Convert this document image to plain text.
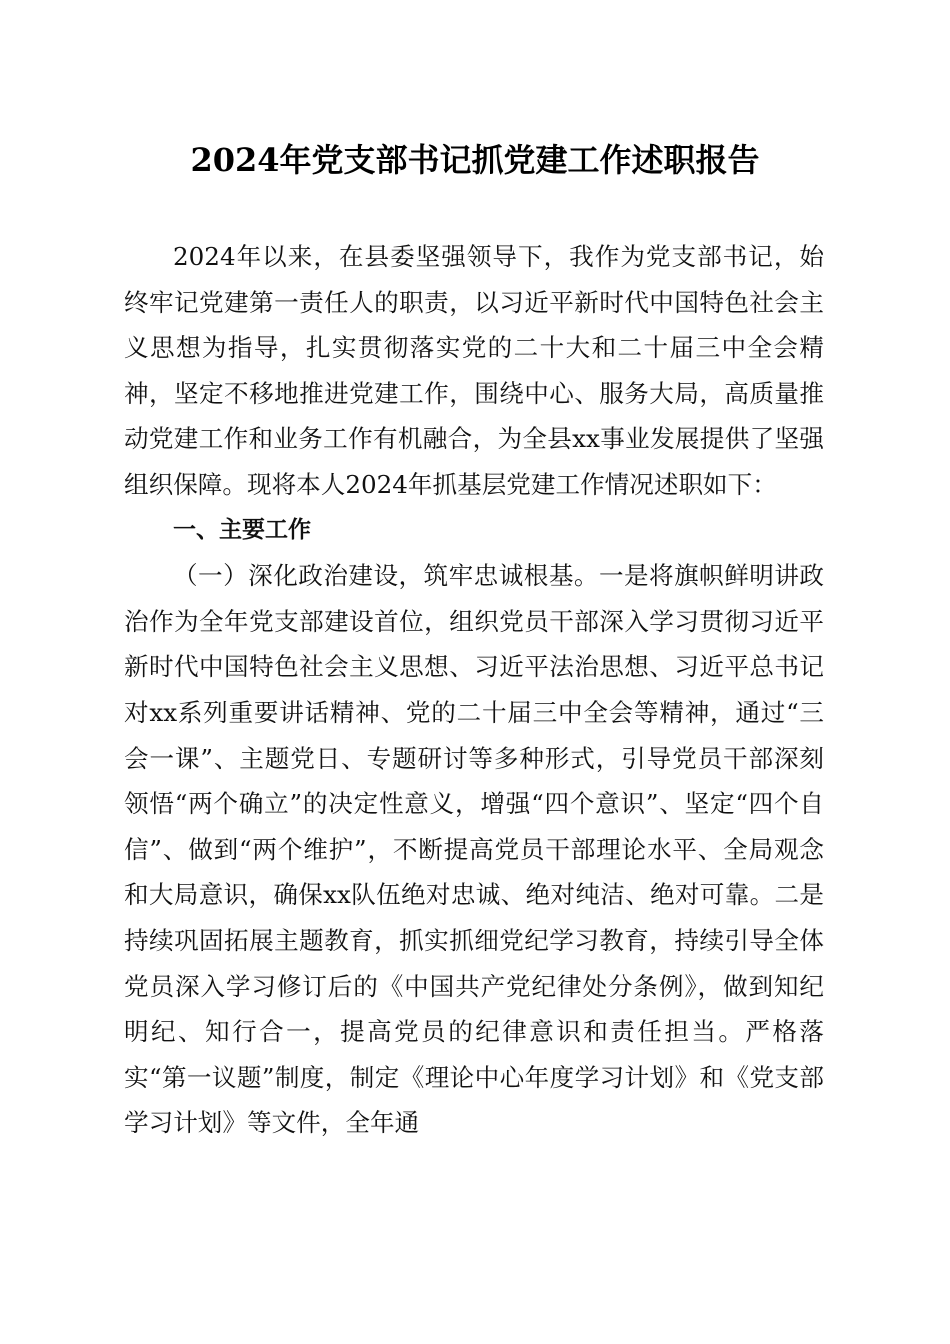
2024年党支部书记抓党建工作述职报告

2024年以来，在县委坚强领导下，我作为党支部书记，始终牢记党建第一责任人的职责，以习近平新时代中国特色社会主义思想为指导，扎实贯彻落实党的二十大和二十届三中全会精神，坚定不移地推进党建工作，围绕中心、服务大局，高质量推动党建工作和业务工作有机融合，为全县xx事业发展提供了坚强组织保障。现将本人2024年抓基层党建工作情况述职如下：

一、主要工作

（一）深化政治建设，筑牢忠诚根基。一是将旗帜鲜明讲政治作为全年党支部建设首位，组织党员干部深入学习贯彻习近平新时代中国特色社会主义思想、习近平法治思想、习近平总书记对xx系列重要讲话精神、党的二十届三中全会等精神，通过“三会一课”、主题党日、专题研讨等多种形式，引导党员干部深刻领悟“两个确立”的决定性意义，增强“四个意识”、坚定“四个自信”、做到“两个维护”，不断提高党员干部理论水平、全局观念和大局意识，确保xx队伍绝对忠诚、绝对纯洁、绝对可靠。二是持续巩固拓展主题教育，抓实抓细党纪学习教育，持续引导全体党员深入学习修订后的《中国共产党纪律处分条例》，做到知纪明纪、知行合一，提高党员的纪律意识和责任担当。严格落实“第一议题”制度，制定《理论中心年度学习计划》和《党支部学习计划》等文件，全年通
